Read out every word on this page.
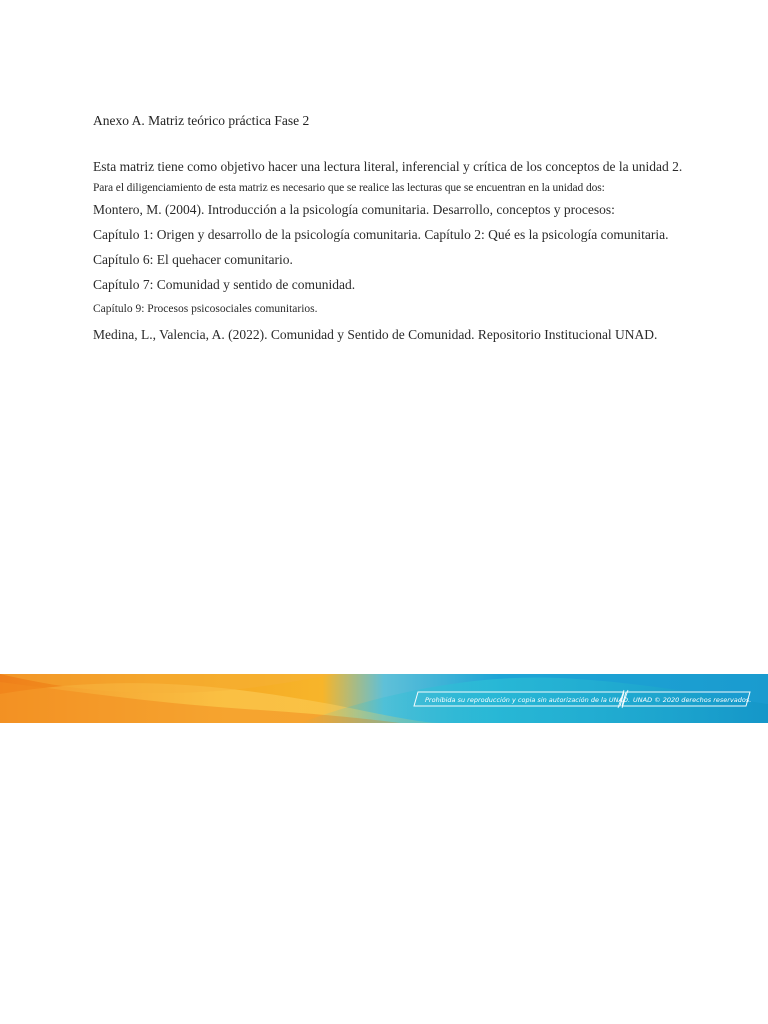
Anexo A. Matriz teórico práctica Fase 2

Esta matriz tiene como objetivo hacer una lectura literal, inferencial y crítica de los conceptos de la unidad 2.

Para el diligenciamiento de esta matriz es necesario que se realice las lecturas que se encuentran en la unidad dos:

Montero, M. (2004). Introducción a la psicología comunitaria. Desarrollo, conceptos y procesos:

Capítulo 1: Origen y desarrollo de la psicología comunitaria. Capítulo 2: Qué es la psicología comunitaria.

Capítulo 6: El quehacer comunitario.

Capítulo 7: Comunidad y sentido de comunidad.

Capítulo 9: Procesos psicosociales comunitarios.

Medina, L., Valencia, A. (2022). Comunidad y Sentido de Comunidad. Repositorio Institucional UNAD.

Prohibida su reproducción y copia sin autorización de la UNAD. UNAD © 2020 derechos reservados.
